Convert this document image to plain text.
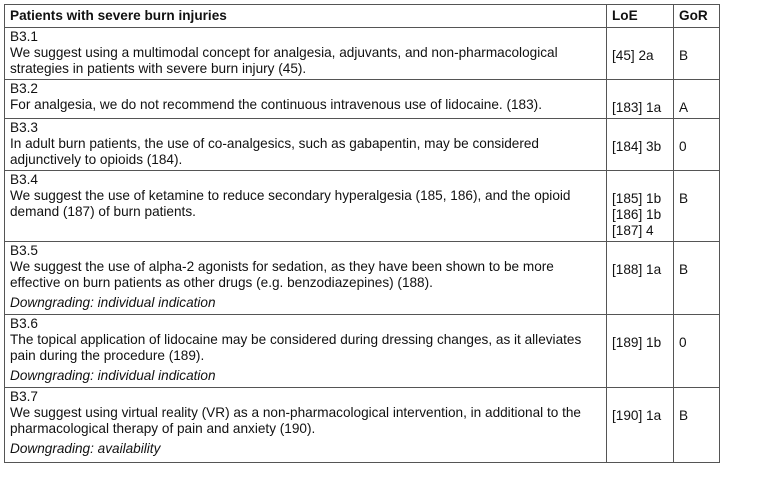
Patients with severe burn injuries	LoE	GoR

B3.1
We suggest using a multimodal concept for analgesia, adjuvants, and non-pharmacological strategies in patients with severe burn injury (45).	[45] 2a	B

B3.2
For analgesia, we do not recommend the continuous intravenous use of lidocaine. (183).	[183] 1a	A

B3.3
In adult burn patients, the use of co-analgesics, such as gabapentin, may be considered adjunctively to opioids (184).	[184] 3b	0

B3.4
We suggest the use of ketamine to reduce secondary hyperalgesia (185, 186), and the opioid demand (187) of burn patients.	[185] 1b
[186] 1b
[187] 4	B

B3.5
We suggest the use of alpha-2 agonists for sedation, as they have been shown to be more effective on burn patients as other drugs (e.g. benzodiazepines) (188).
Downgrading: individual indication	[188] 1a	B

B3.6
The topical application of lidocaine may be considered during dressing changes, as it alleviates pain during the procedure (189).
Downgrading: individual indication	[189] 1b	0

B3.7
We suggest using virtual reality (VR) as a non-pharmacological intervention, in additional to the pharmacological therapy of pain and anxiety (190).
Downgrading: availability	[190] 1a	B
